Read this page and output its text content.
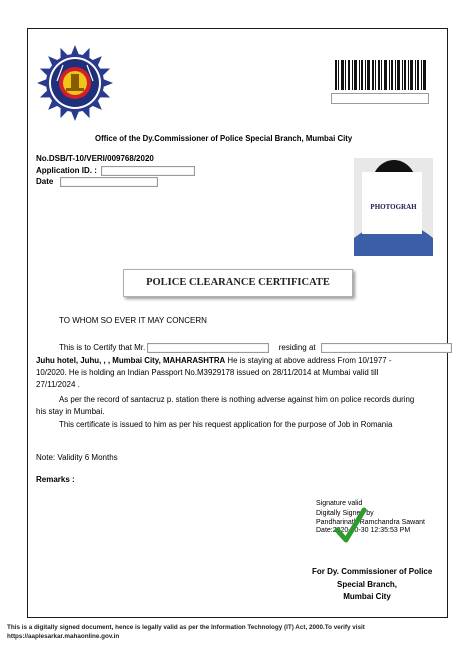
Office of the Dy.Commissioner of Police Special Branch, Mumbai City
No.DSB/T-10/VERI/009768/2020
Application ID. :
Date
PHOTOGRAH
POLICE CLEARANCE CERTIFICATE
TO WHOM SO EVER IT MAY CONCERN
This is to Certify that Mr.	residing at
Juhu hotel, Juhu, , , Mumbai City, MAHARASHTRA He is staying at above address From 10/1977 -
10/2020. He is holding an Indian Passport No.M3929178 issued on 28/11/2014 at Mumbai valid till
27/11/2024 .
As per the record of santacruz p. station there is nothing adverse against him on police records during
his stay in Mumbai.
This certificate is issued to him as per his request application for the purpose of Job in Romania
Note: Validity 6 Months
Remarks :
Signature valid
Digitally Signed by
Pandharinath Ramchandra Sawant
Date:2020-10-30 12:35:53 PM
For Dy. Commissioner of Police
Special Branch,
Mumbai City
This is a digitally signed document, hence is legally valid as per the Information Technology (IT) Act, 2000.To verify visit
https://aaplesarkar.mahaonline.gov.in
